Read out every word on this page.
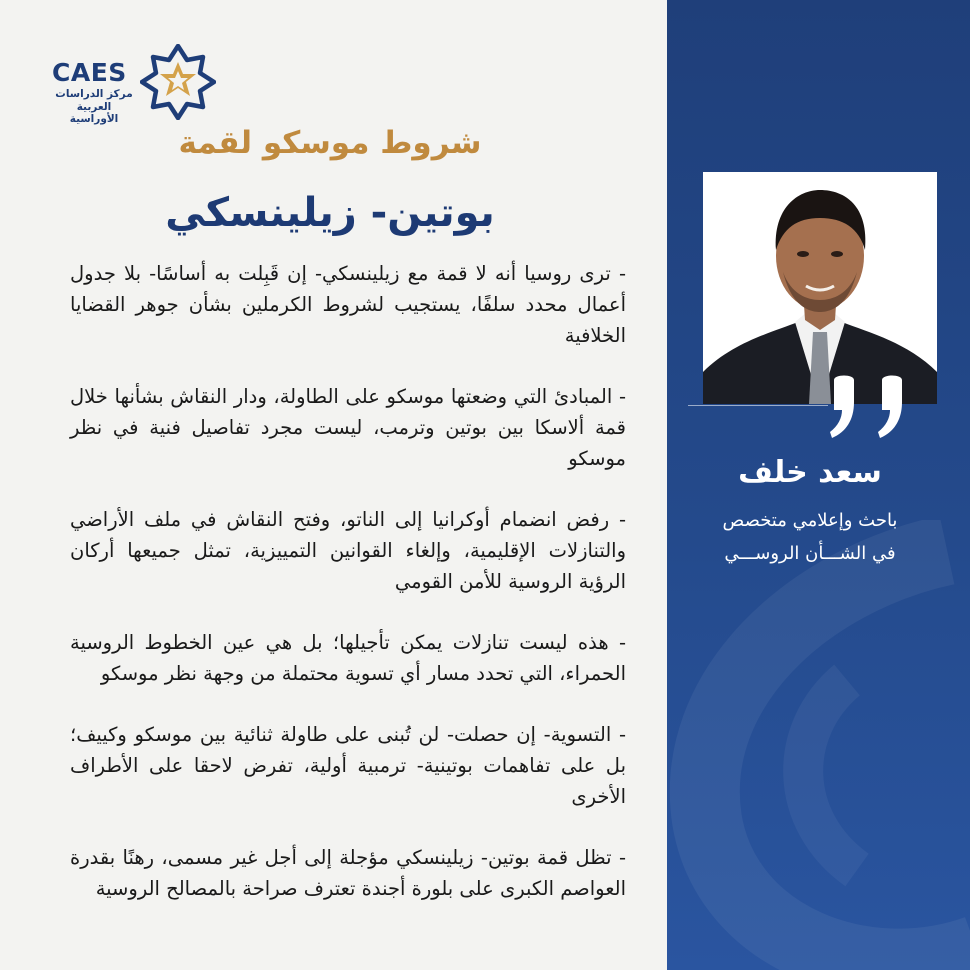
CAES
مركز الدراسات
العربية الأوراسية
شروط موسكو لقمة
بوتين- زيلينسكي

- ترى روسيا أنه لا قمة مع زيلينسكي- إن قَبِلت به أساسًا- بلا جدول أعمال محدد سلفًا، يستجيب لشروط الكرملين بشأن جوهر القضايا الخلافية

- المبادئ التي وضعتها موسكو على الطاولة، ودار النقاش بشأنها خلال قمة ألاسكا بين بوتين وترمب، ليست مجرد تفاصيل فنية في نظر موسكو

- رفض انضمام أوكرانيا إلى الناتو، وفتح النقاش في ملف الأراضي والتنازلات الإقليمية، وإلغاء القوانين التمييزية، تمثل جميعها أركان الرؤية الروسية للأمن القومي

- هذه ليست تنازلات يمكن تأجيلها؛ بل هي عين الخطوط الروسية الحمراء، التي تحدد مسار أي تسوية محتملة من وجهة نظر موسكو

- التسوية- إن حصلت- لن تُبنى على طاولة ثنائية بين موسكو وكييف؛ بل على تفاهمات بوتينية- ترمبية أولية، تفرض لاحقا على الأطراف الأخرى

- تظل قمة بوتين- زيلينسكي مؤجلة إلى أجل غير مسمى، رهنًا بقدرة العواصم الكبرى على بلورة أجندة تعترف صراحة بالمصالح الروسية

سعد خلف
باحث وإعلامي متخصص
في الشـــأن الروســـي
